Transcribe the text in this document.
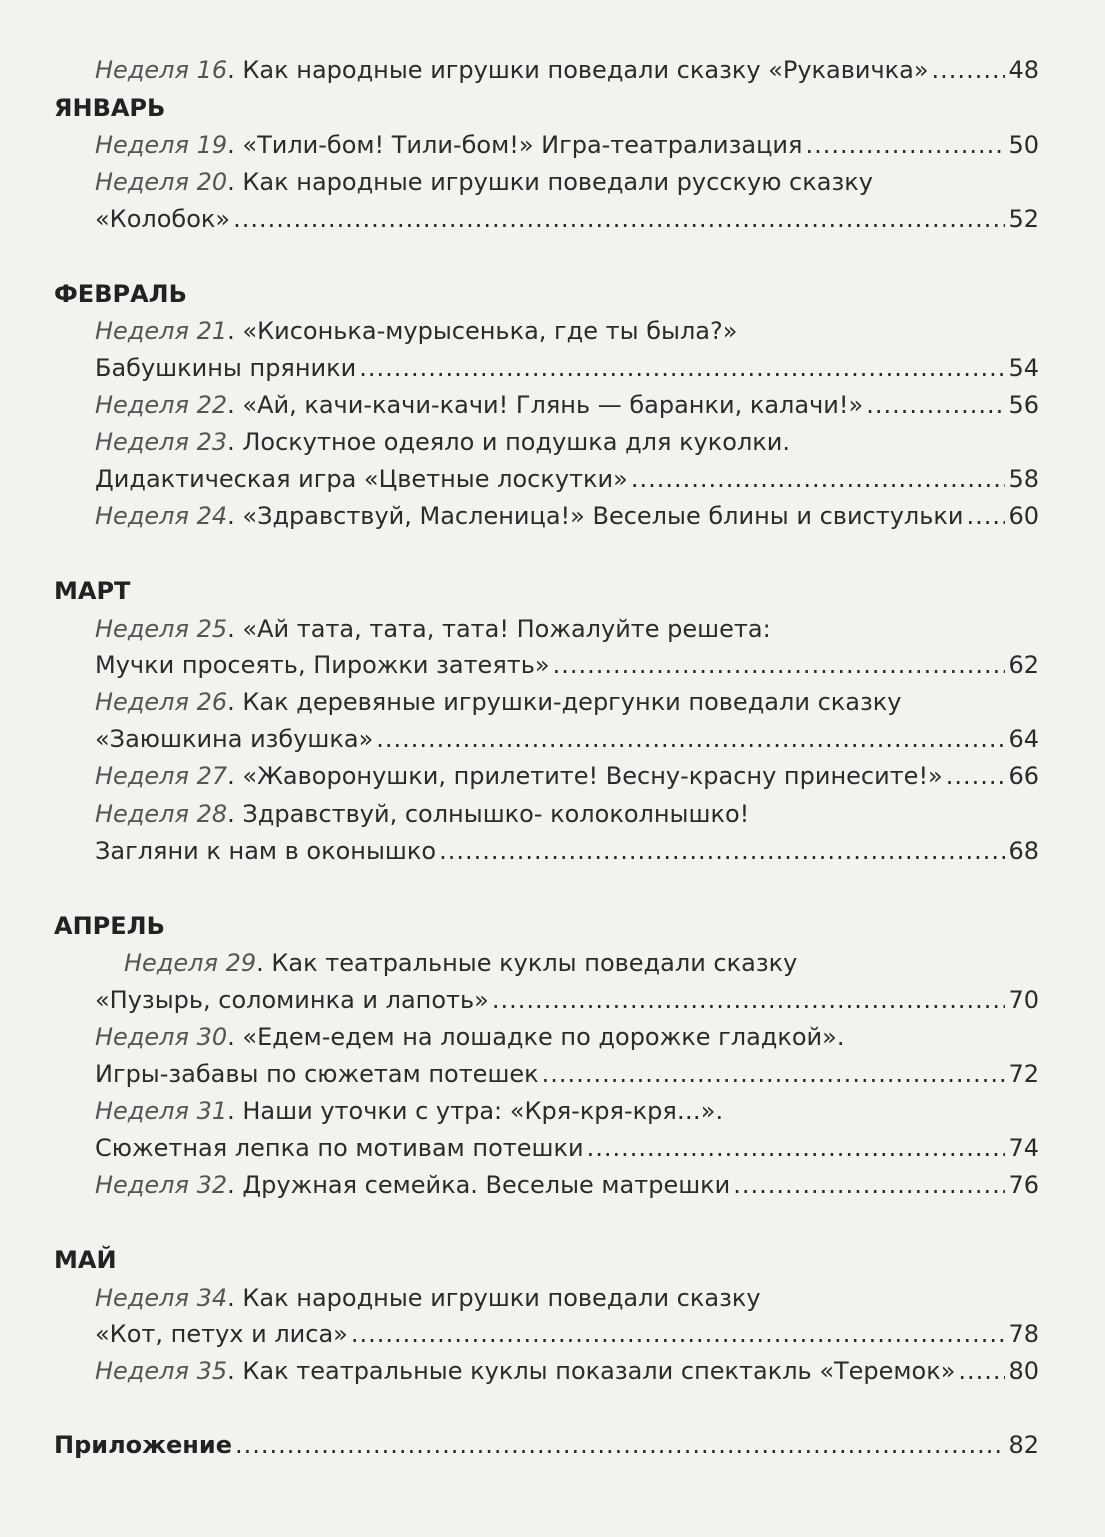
Неделя 16. Как народные игрушки поведали сказку «Рукавичка» .....	48
ЯНВАРЬ
Неделя 19. «Тили-бом! Тили-бом!» Игра-театрализация .....	50
Неделя 20. Как народные игрушки поведали русскую сказку
«Колобок» .....	52
ФЕВРАЛЬ
Неделя 21. «Кисонька-мурысенька, где ты была?»
Бабушкины пряники .....	54
Неделя 22. «Ай, качи-качи-качи! Глянь — баранки, калачи!» .....	56
Неделя 23. Лоскутное одеяло и подушка для куколки.
Дидактическая игра «Цветные лоскутки» .....	58
Неделя 24. «Здравствуй, Масленица!» Веселые блины и свистульки ..... 60
МАРТ
Неделя 25. «Ай тата, тата, тата! Пожалуйте решета:
Мучки просеять, Пирожки затеять» .....	62
Неделя 26. Как деревяные игрушки-дергунки поведали сказку
«Заюшкина избушка» .....	64
Неделя 27. «Жаворонушки, прилетите! Весну-красну принесите!» .....	66
Неделя 28. Здравствуй, солнышко- колоколнышко!
Загляни к нам в оконышко .....	68
АПРЕЛЬ
Неделя 29. Как театральные куклы поведали сказку
«Пузырь, соломинка и лапоть» .....	70
Неделя 30. «Едем-едем на лошадке по дорожке гладкой».
Игры-забавы по сюжетам потешек .....	72
Неделя 31. Наши уточки с утра: «Кря-кря-кря…».
Сюжетная лепка по мотивам потешки .....	74
Неделя 32. Дружная семейка. Веселые матрешки .....	76
МАЙ
Неделя 34. Как народные игрушки поведали сказку
«Кот, петух и лиса» .....	78
Неделя 35. Как театральные куклы показали спектакль «Теремок» ..... 80
Приложение .....	82
